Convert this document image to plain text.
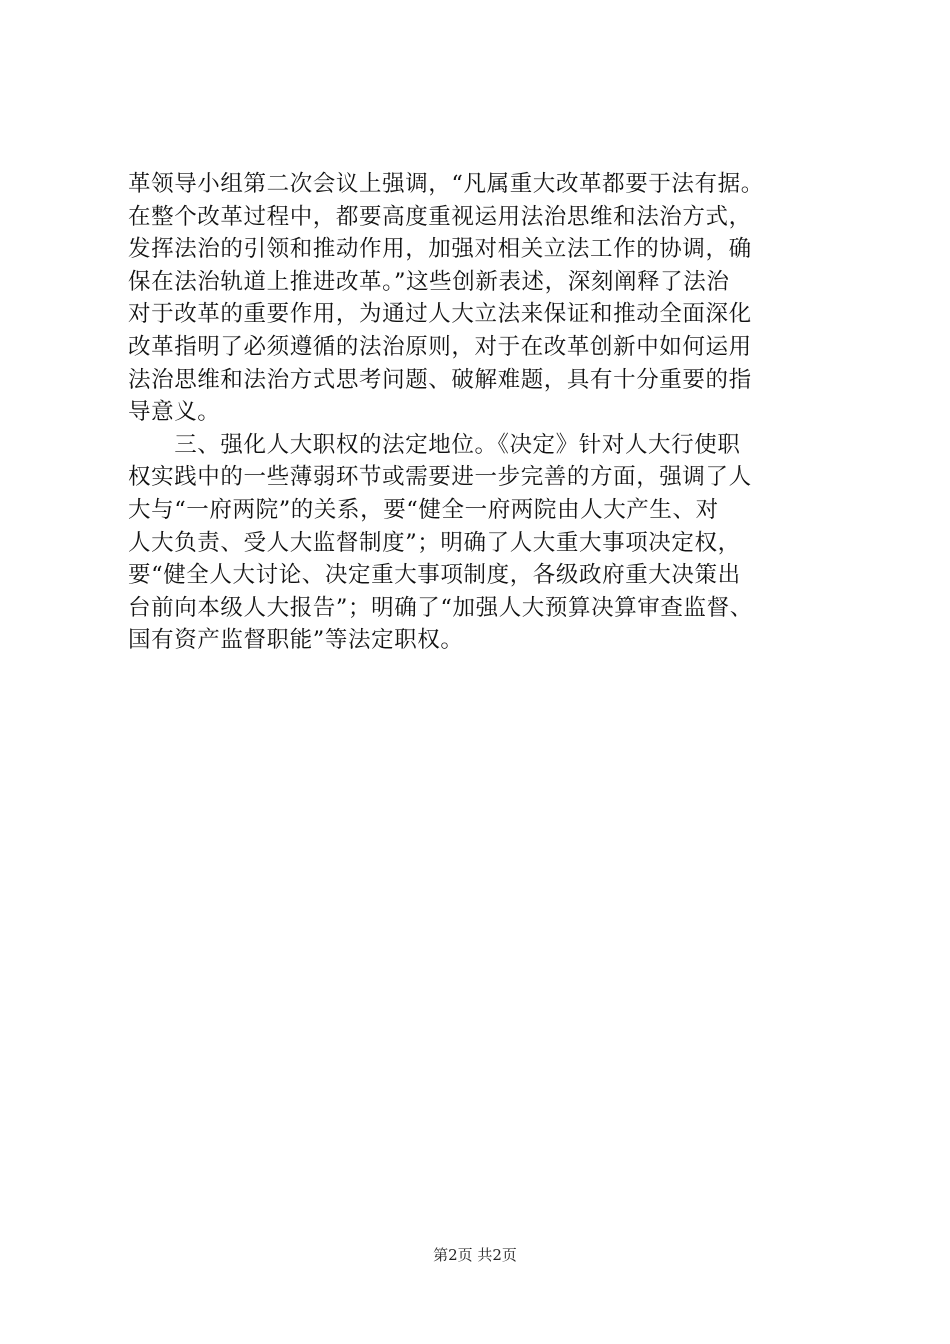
革领导小组第二次会议上强调，“凡属重大改革都要于法有据。
在整个改革过程中，都要高度重视运用法治思维和法治方式，
发挥法治的引领和推动作用，加强对相关立法工作的协调，确
保在法治轨道上推进改革。”这些创新表述，深刻阐释了法治
对于改革的重要作用，为通过人大立法来保证和推动全面深化
改革指明了必须遵循的法治原则，对于在改革创新中如何运用
法治思维和法治方式思考问题、破解难题，具有十分重要的指
导意义。
　　三、强化人大职权的法定地位。《决定》针对人大行使职
权实践中的一些薄弱环节或需要进一步完善的方面，强调了人
大与“一府两院”的关系，要“健全一府两院由人大产生、对
人大负责、受人大监督制度”；明确了人大重大事项决定权，
要“健全人大讨论、决定重大事项制度，各级政府重大决策出
台前向本级人大报告”；明确了“加强人大预算决算审查监督、
国有资产监督职能”等法定职权。
第2页 共2页
